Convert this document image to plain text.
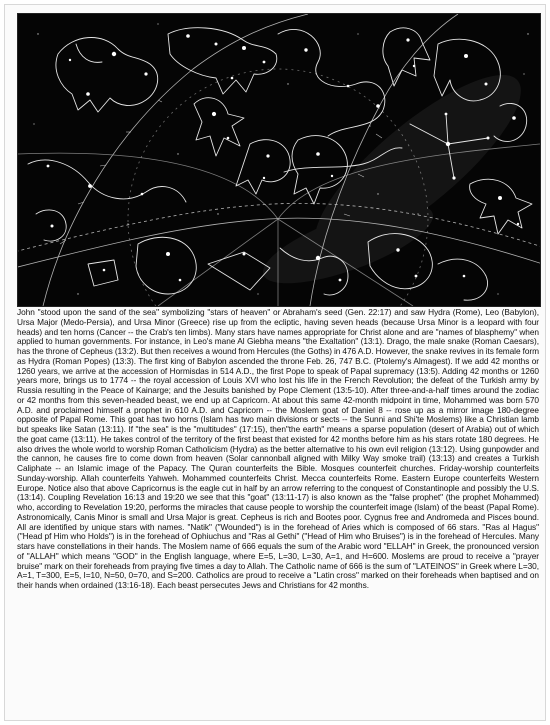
John "stood upon the sand of the sea" symbolizing "stars of heaven" or Abraham's seed (Gen. 22:17) and saw Hydra (Rome), Leo (Babylon), Ursa Major (Medo-Persia), and Ursa Minor (Greece) rise up from the ecliptic, having seven heads (because Ursa Minor is a leopard with four heads) and ten horns (Cancer -- the Crab's ten limbs). Many stars have names appropriate for Christ alone and are "names of blasphemy" when applied to human governments. For instance, in Leo's mane Al Giebha means "the Exaltation" (13:1). Drago, the male snake (Roman Caesars), has the throne of Cepheus (13:2). But then receives a wound from Hercules (the Goths) in 476 A.D. However, the snake revives in its female form as Hydra (Roman Popes) (13:3). The first king of Babylon ascended the throne Feb. 26, 747 B.C. (Ptolemy's Almagest). If we add 42 months or 1260 years, we arrive at the accession of Hormisdas in 514 A.D., the first Pope to speak of Papal supremacy (13:5). Adding 42 months or 1260 years more, brings us to 1774 -- the royal accession of Louis XVI who lost his life in the French Revolution; the defeat of the Turkish army by Russia resulting in the Peace of Kainarge; and the Jesuits banished by Pope Clement (13:5-10). After three-and-a-half times around the zodiac or 42 months from this seven-headed beast, we end up at Capricorn. At about this same 42-month midpoint in time, Mohammed was born 570 A.D. and proclaimed himself a prophet in 610 A.D. and Capricorn -- the Moslem goat of Daniel 8 -- rose up as a mirror image 180-degree opposite of Papal Rome. This goat has two horns (Islam has two main divisions or sects -- the Sunni and Shi'te Moslems) like a Christian lamb but speaks like Satan (13:11). If "the sea" is the "multitudes" (17:15), then"the earth" means a sparse population (desert of Arabia) out of which the goat came (13:11). He takes control of the territory of the first beast that existed for 42 months before him as his stars rotate 180 degrees. He also drives the whole world to worship Roman Catholicism (Hydra) as the better alternative to his own evil religion (13:12). Using gunpowder and the cannon, he causes fire to come down from heaven (Solar cannonball aligned with Milky Way smoke trail) (13:13) and creates a Turkish Caliphate -- an Islamic image of the Papacy. The Quran counterfeits the Bible. Mosques counterfeit churches. Friday-worship counterfeits Sunday-worship. Allah counterfeits Yahweh. Mohammed counterfeits Christ. Mecca counterfeits Rome. Eastern Europe counterfeits Western Europe. Notice also that above Capricornus is the eagle cut in half by an arrow referring to the conquest of Constantinople and possibly the U.S. (13:14). Coupling Revelation 16:13 and 19:20 we see that this "goat" (13:11-17) is also known as the "false prophet" (the prophet Mohammed) who, according to Revelation 19:20, performs the miracles that cause people to worship the counterfeit image (Islam) of the beast (Papal Rome). Astronomically, Canis Minor is small and Ursa Major is great. Cepheus is rich and Bootes poor. Cygnus free and Andromeda and Pisces bound. All are identified by unique stars with names. "Natik" ("Wounded") is in the forehead of Aries which is composed of 66 stars. "Ras al Hagus" ("Head pf Him who Holds") is in the forehead of Ophiuchus and "Ras al Gethi" ("Head of Him who Bruises") is in the forehead of Hercules. Many stars have constellations in their hands. The Moslem name of 666 equals the sum of the Arabic word "ELLAH" in Greek, the pronounced version of "ALLAH" which means "GOD" in the English language, where E=5, L=30, L=30, A=1, and H=600. Moslems are proud to receive a "prayer bruise" mark on their foreheads from praying five times a day to Allah. The Catholic name of 666 is the sum of "LATEINOS" in Greek where L=30, A=1, T=300, E=5, I=10, N=50, 0=70, and S=200. Catholics are proud to receive a "Latin cross" marked on their foreheads when baptised and on their hands when ordained (13:16-18). Each beast persecutes Jews and Christians for 42 months.
